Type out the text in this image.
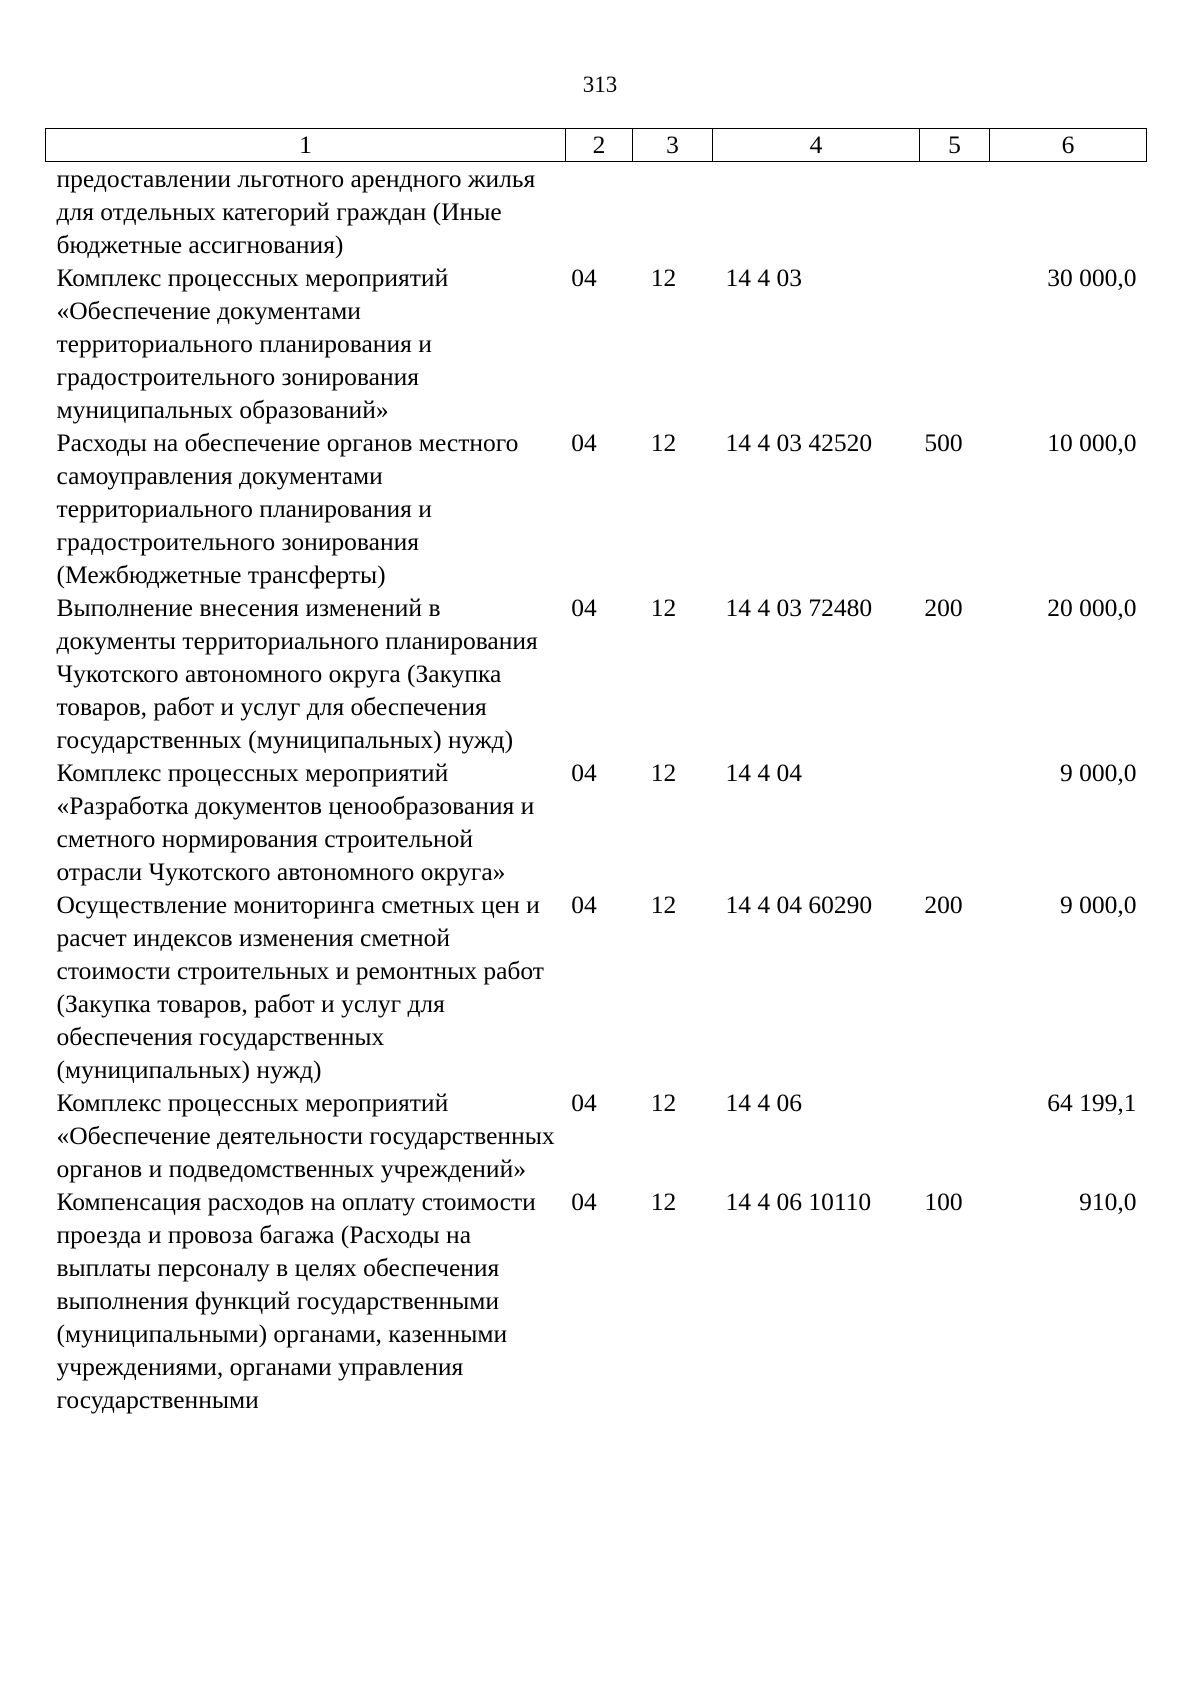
313
1	2	3	4	5	6
предоставлении льготного арендного жилья для отдельных категорий граждан (Иные бюджетные ассигнования)					
Комплекс процессных мероприятий «Обеспечение документами территориального планирования и градостроительного зонирования муниципальных образований»	04	12	14 4 03		30 000,0
Расходы на обеспечение органов местного самоуправления документами территориального планирования и градостроительного зонирования (Межбюджетные трансферты)	04	12	14 4 03 42520	500	10 000,0
Выполнение внесения изменений в документы территориального планирования Чукотского автономного округа (Закупка товаров, работ и услуг для обеспечения государственных (муниципальных) нужд)	04	12	14 4 03 72480	200	20 000,0
Комплекс процессных мероприятий «Разработка документов ценообразования и сметного нормирования строительной отрасли Чукотского автономного округа»	04	12	14 4 04		9 000,0
Осуществление мониторинга сметных цен и расчет индексов изменения сметной стоимости строительных и ремонтных работ (Закупка товаров, работ и услуг для обеспечения государственных (муниципальных) нужд)	04	12	14 4 04 60290	200	9 000,0
Комплекс процессных мероприятий «Обеспечение деятельности государственных органов и подведомственных учреждений»	04	12	14 4 06		64 199,1
Компенсация расходов на оплату стоимости проезда и провоза багажа (Расходы на выплаты персоналу в целях обеспечения выполнения функций государственными (муниципальными) органами, казенными учреждениями, органами управления государственными	04	12	14 4 06 10110	100	910,0
